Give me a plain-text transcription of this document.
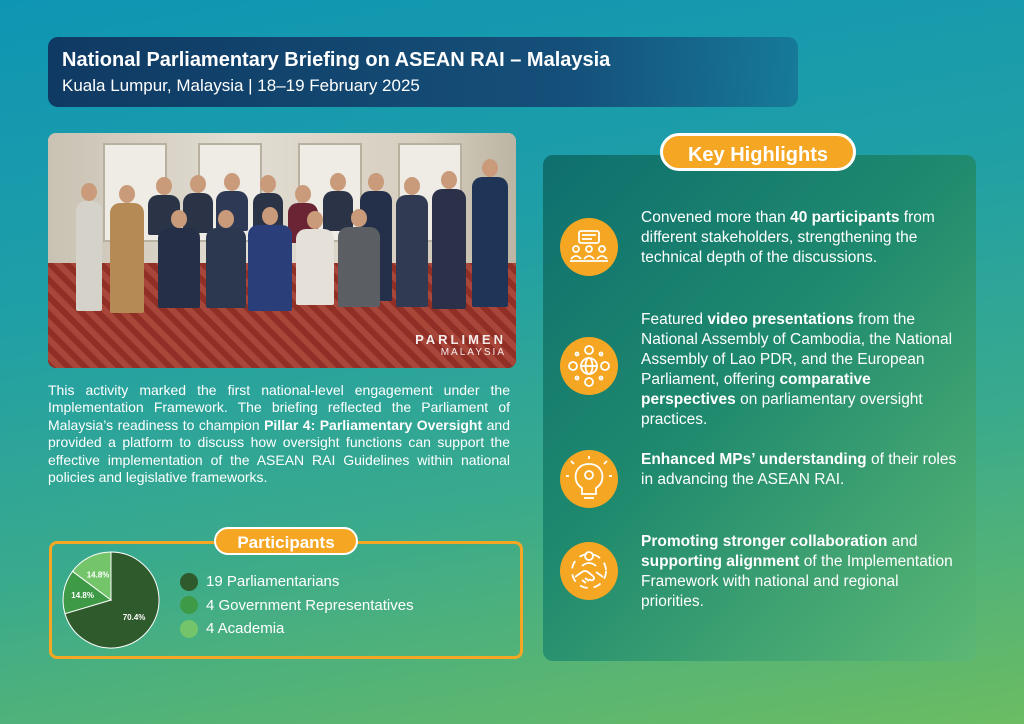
National Parliamentary Briefing on ASEAN RAI – Malaysia
Kuala Lumpur, Malaysia | 18–19 February 2025
PARLIMEN
MALAYSIA
This activity marked the first national-level engagement under the Implementation Framework. The briefing reflected the Parliament of Malaysia’s readiness to champion Pillar 4: Parliamentary Oversight and provided a platform to discuss how oversight functions can support the effective implementation of the ASEAN RAI Guidelines within national policies and legislative frameworks.
Participants
70.4%
14.8%
14.8%	19 Parliamentarians
4 Government Representatives
4 Academia
Key Highlights
Convened more than 40 participants from different stakeholders, strengthening the technical depth of the discussions.
Featured video presentations from the National Assembly of Cambodia, the National Assembly of Lao PDR, and the European Parliament, offering comparative perspectives on parliamentary oversight practices.
Enhanced MPs’ understanding of their roles in advancing the ASEAN RAI.
Promoting stronger collaboration and supporting alignment of the Implementation Framework with national and regional priorities.
